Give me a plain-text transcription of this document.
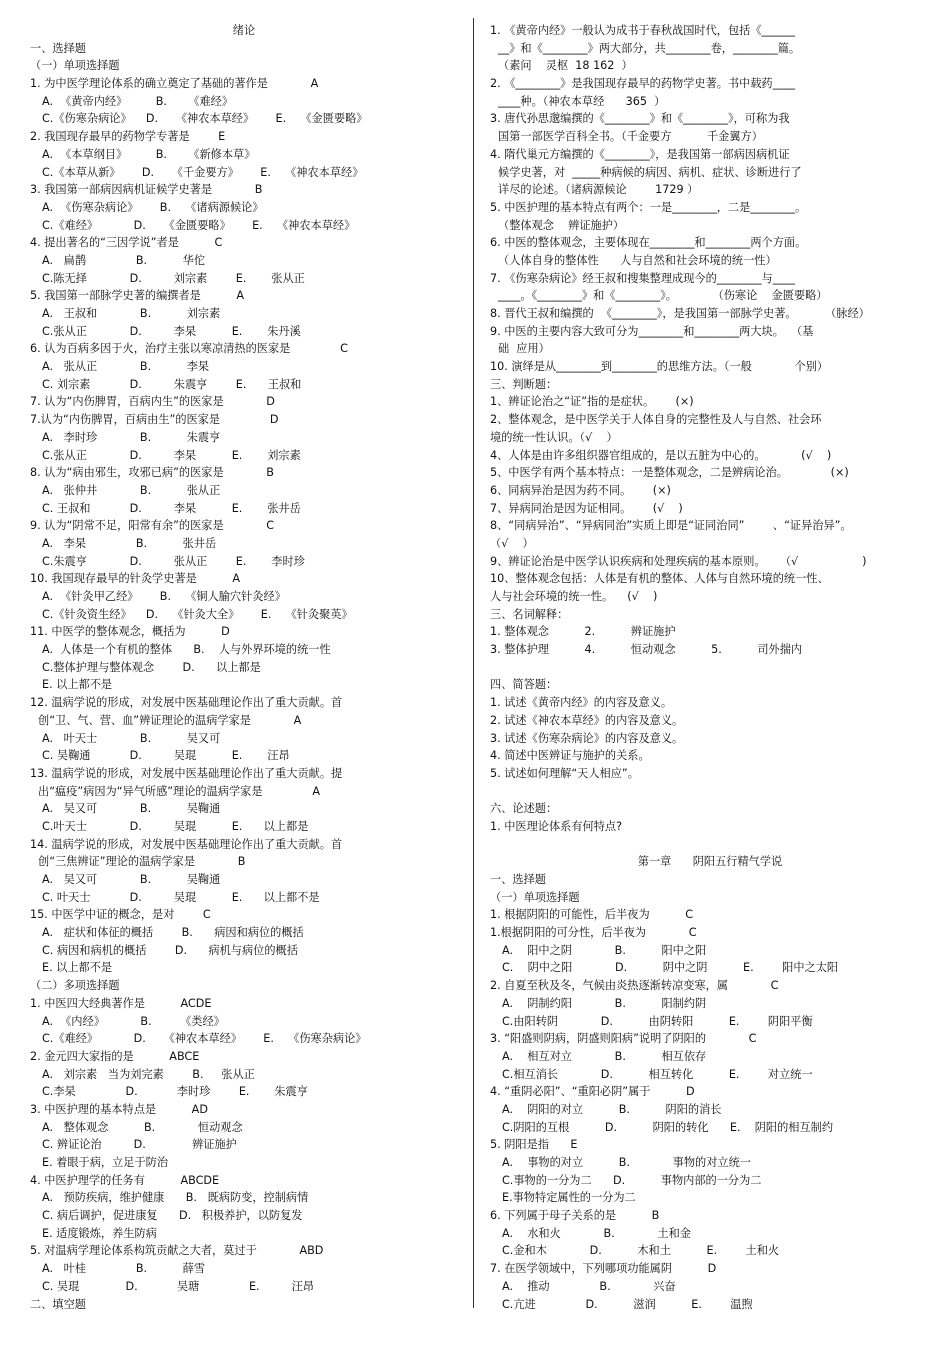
绪论
一、选择题
（一）单项选择题
1. 为中医学理论体系的确立奠定了基础的著作是            A
A.  《黄帝内经》        B.      《难经》
C.《伤寒杂病论》    D.     《神农本草经》      E.    《金匮要略》
2. 我国现存最早的药物学专著是        E
A.  《本草纲目》        B.      《新修本草》
C.《本草从新》      D.     《千金要方》      E.    《神农本草经》
3. 我国第一部病因病机证候学史著是            B
A.  《伤寒杂病论》      B.    《诸病源候论》
C.《难经》          D.     《金匮要略》      E.    《神农本草经》
4. 提出著名的“三因学说”者是          C
A.   扁鹊              B.          华佗
C.陈无择            D.         刘宗素        E.       张从正
5. 我国第一部脉学史著的编撰者是          A
A.   王叔和            B.          刘宗素
C.张从正            D.         李杲          E.       朱丹溪
6. 认为百病多因于火，治疗主张以寒凉清热的医家是              C
A.   张从正            B.          李杲
C. 刘宗素           D.         朱震亨        E.      王叔和
7. 认为“内伤脾胃，百病内生”的医家是            D
7.认为“内伤脾胃，百病由生”的医家是              D
A.   李时珍            B.          朱震亨
C.张从正            D.         李杲          E.       刘宗素
8. 认为“病由邪生，攻邪已病”的医家是            B
A.   张仲井            B.          张从正
C. 王叔和           D.         李杲          E.       张井岳
9. 认为“阴常不足，阳常有余”的医家是            C
A.   李杲              B.          张井岳
C.朱震亨            D.         张从正        E.       李时珍
10. 我国现存最早的针灸学史著是          A
A.  《针灸甲乙经》      B.    《铜人腧穴针灸经》
C.《针灸资生经》    D.    《针灸大全》      E.    《针灸聚英》
11. 中医学的整体观念，概括为          D
A.  人体是一个有机的整体      B.    人与外界环境的统一性
C.整体护理与整体观念        D.      以上都是
E. 以上都不是
12. 温病学说的形成，对发展中医基础理论作出了重大贡献。首
创“卫、气、营、血”辨证理论的温病学家是            A
A.   叶天士            B.          吴又可
C. 吴鞠通           D.         吴琨          E.       汪昂
13. 温病学说的形成，对发展中医基础理论作出了重大贡献。提
出“瘟疫”病因为“异气所感”理论的温病学家是              A
A.   吴又可            B.          吴鞠通
C.叶天士            D.         吴琨          E.      以上都是
14. 温病学说的形成，对发展中医基础理论作出了重大贡献。首
创“三焦辨证”理论的温病学家是            B
A.   吴又可            B.          吴鞠通
C. 叶天士           D.         吴琨          E.      以上都不是
15. 中医学中证的概念，是对        C
A.   症状和体征的概括        B.      病因和病位的概括
C. 病因和病机的概括        D.      病机与病位的概括
E. 以上都不是
（二）多项选择题
1. 中医四大经典著作是          ACDE
A.  《内经》          B.        《类经》
C.《难经》          D.     《神农本草经》      E.    《伤寒杂病论》
2. 金元四大家指的是          ABCE
A.   刘宗素   当为刘完素        B.     张从正
C.李杲              D.           李时珍        E.       朱震亨
3. 中医护理的基本特点是          AD
A.   整体观念          B.            恒动观念
C. 辨证论治         D.             辨证施护
E. 着眼于病，立足于防治
4. 中医护理学的任务有          ABCDE
A.   预防疾病，维护健康      B.   既病防变，控制病情
C. 病后调护，促进康复      D.   积极养护，以防复发
E. 适度锻炼，养生防病
5. 对温病学理论体系构筑贡献之大者，莫过于            ABD
A.   叶桂              B.          薛雪
C. 吴琨             D.           吴瑭              E.         汪昂
二、填空题
1. 《黄帝内经》一般认为成书于春秋战国时代，包括《______
__》和《________》两大部分，共________卷，________篇。
（素问    灵枢  18 162  ）
2. 《________》是我国现存最早的药物学史著。书中载药____
____种。（神农本草经      365  ）
3. 唐代孙思邈编撰的《________》和《________》，可称为我
国第一部医学百科全书。（千金要方          千金翼方）
4. 隋代巢元方编撰的《________》，是我国第一部病因病机证
候学史著，对  _____种病候的病因、病机、症状、诊断进行了
详尽的论述。（诸病源候论        1729 ）
5. 中医护理的基本特点有两个：一是________，二是________。
（整体观念    辨证施护）
6. 中医的整体观念，主要体现在________和________两个方面。
（人体自身的整体性      人与自然和社会环境的统一性）
7. 《伤寒杂病论》经王叔和搜集整理成现今的________与____
____。《________》和《________》。          （伤寒论    金匮要略）
8. 晋代王叔和编撰的  《________》，是我国第一部脉学史著。        （脉经）
9. 中医的主要内容大致可分为________和________两大块。  （基
础  应用）
10. 演绎是从________到________的思维方法。（一般            个别）
三、判断题：
1、辨证论治之“证”指的是症状。      (×)
2、整体观念，是中医学关于人体自身的完整性及人与自然、社会环
境的统一性认识。（√    ）
4、人体是由许多组织器官组成的，是以五脏为中心的。          (√    )
5、中医学有两个基本特点：一是整体观念，二是辨病论治。            (×)
6、同病异治是因为药不同。      (×)
7、异病同治是因为证相同。      (√    )
8、“同病异治”、“异病同治”实质上即是“证同治同”        、“证异治异”。
（√    ）
9、辨证论治是中医学认识疾病和处理疾病的基本原则。    （√                  )
10、整体观念包括：人体是有机的整体、人体与自然环境的统一性、
人与社会环境的统一性。    (√    )
三、名词解释：
1. 整体观念          2.          辨证施护
3. 整体护理          4.          恒动观念          5.          司外揣内
四、简答题：
1. 试述《黄帝内经》的内容及意义。
2. 试述《神农本草经》的内容及意义。
3. 试述《伤寒杂病论》的内容及意义。
4. 简述中医辨证与施护的关系。
5. 试述如何理解“天人相应”。
六、论述题：
1. 中医理论体系有何特点?
第一章      阴阳五行精气学说
一、选择题
（一）单项选择题
1. 根据阴阳的可能性，后半夜为          C
1.根据阴阳的可分性，后半夜为            C
A.    阳中之阴            B.          阳中之阳
C.    阴中之阳            D.          阴中之阴          E.        阳中之太阳
2. 自夏至秋及冬，气候由炎热逐渐转凉变寒，属            C
A.    阴制约阳            B.          阳制约阴
C.由阳转阴            D.          由阴转阳          E.        阴阳平衡
3. “阳盛则阴病，阴盛则阳病”说明了阴阳的            C
A.    相互对立            B.          相互依存
C.相互消长            D.          相互转化          E.        对立统一
4. “重阴必阳”、“重阳必阴”属于          D
A.    阴阳的对立          B.          阴阳的消长
C.阴阳的互根          D.          阴阳的转化      E.    阴阳的相互制约
5. 阴阳是指      E
A.    事物的对立          B.            事物的对立统一
C.事物的一分为二      D.          事物内部的一分为二
E.事物特定属性的一分为二
6. 下列属于母子关系的是          B
A.    水和火            B.            土和金
C.金和木            D.          木和土          E.        土和火
7. 在医学领域中，下列哪项功能属阴          D
A.    推动              B.            兴奋
C.亢进              D.          滋润          E.        温煦
